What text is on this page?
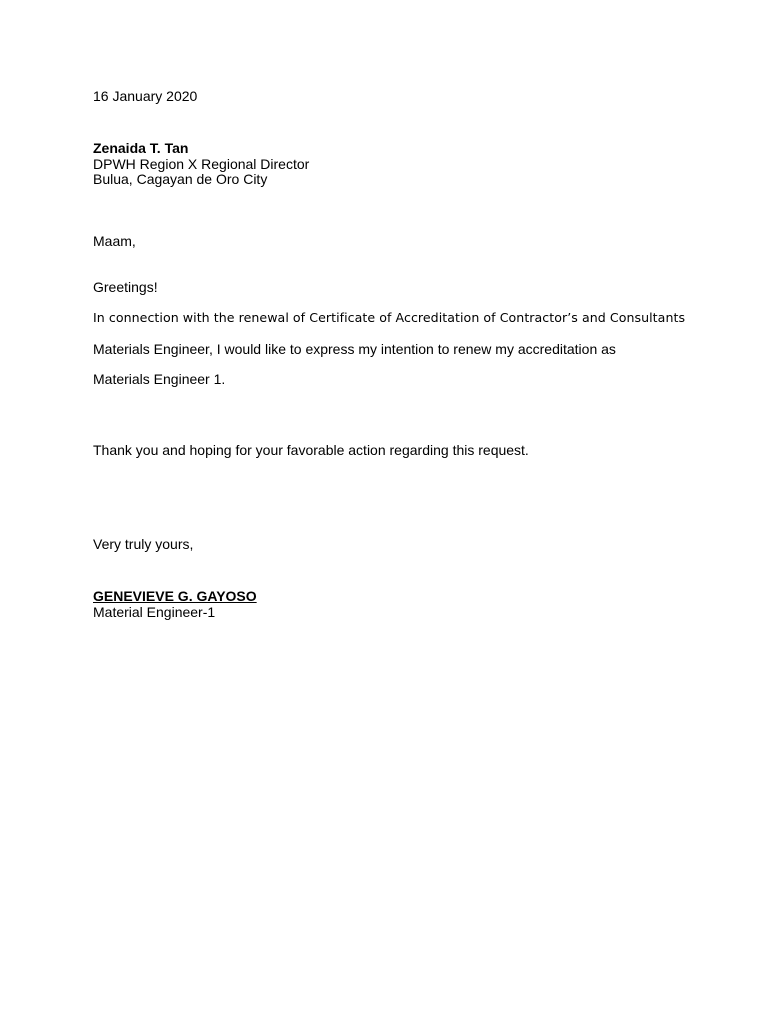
16 January 2020
Zenaida T. Tan
DPWH Region X Regional Director
Bulua, Cagayan de Oro City
Maam,
Greetings!
In connection with the renewal of Certificate of Accreditation of Contractor’s and Consultants
Materials Engineer, I would like to express my intention to renew my accreditation as
Materials Engineer 1.
Thank you and hoping for your favorable action regarding this request.
Very truly yours,
GENEVIEVE G. GAYOSO
Material Engineer-1
